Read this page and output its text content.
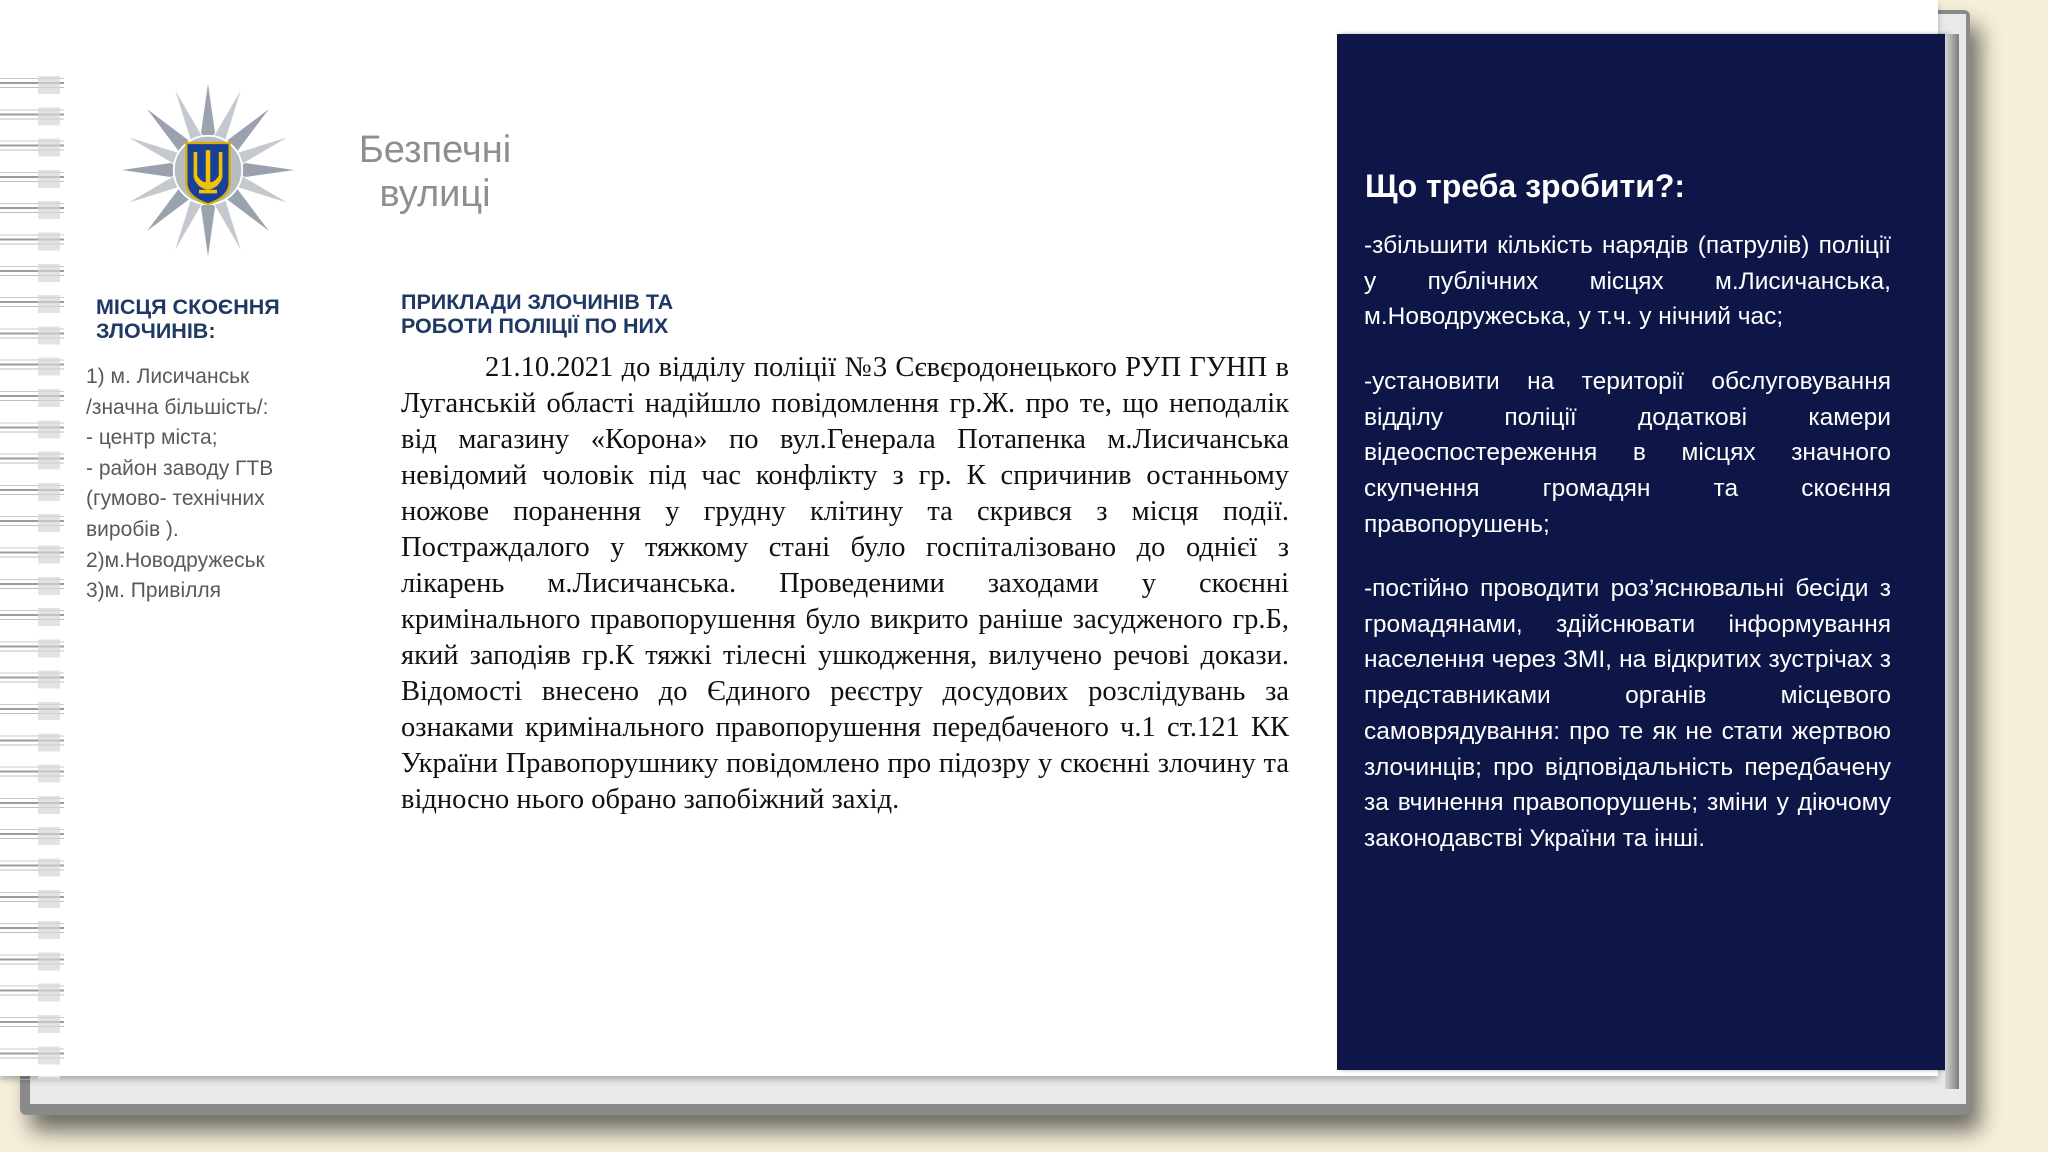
Безпечні
вулиці
МІСЦЯ СКОЄННЯ
ЗЛОЧИНІВ:
1) м. Лисичанськ
/значна більшість/:
- центр міста;
- район заводу ГТВ
(гумово- технічних
виробів ).
2)м.Новодружеськ
3)м. Привілля
ПРИКЛАДИ ЗЛОЧИНІВ ТА
РОБОТИ ПОЛІЦІЇ ПО НИХ

21.10.2021 до відділу поліції №3 Сєвєродонецького РУП ГУНП в Луганській області надійшло повідомлення гр.Ж. про те, що неподалік від магазину «Корона» по вул.Генерала Потапенка м.Лисичанська невідомий чоловік під час конфлікту з гр. К спричинив останньому ножове поранення у грудну клітину та скрився з місця події. Постраждалого у тяжкому стані було госпіталізовано до однієї з лікарень м.Лисичанська. Проведеними заходами у скоєнні кримінального правопорушення було викрито раніше засудженого гр.Б, який заподіяв гр.К тяжкі тілесні ушкодження, вилучено речові докази. Відомості внесено до Єдиного реєстру досудових розслідувань за ознаками кримінального правопорушення передбаченого ч.1 ст.121 КК України Правопорушнику повідомлено про підозру у скоєнні злочину та відносно нього обрано запобіжний захід.

Що треба зробити?:

-збільшити кількість нарядів (патрулів) поліції у публічних місцях м.Лисичанська, м.Новодружеська, у т.ч. у нічний час;

-установити на території обслуговування відділу поліції додаткові камери відеоспостереження в місцях значного скупчення громадян та скоєння правопорушень;

-постійно проводити роз’яснювальні бесіди з громадянами, здійснювати інформування населення через ЗМІ, на відкритих зустрічах з представниками органів місцевого самоврядування: про те як не стати жертвою злочинців; про відповідальність передбачену за вчинення правопорушень; зміни у діючому законодавстві України та інші.
